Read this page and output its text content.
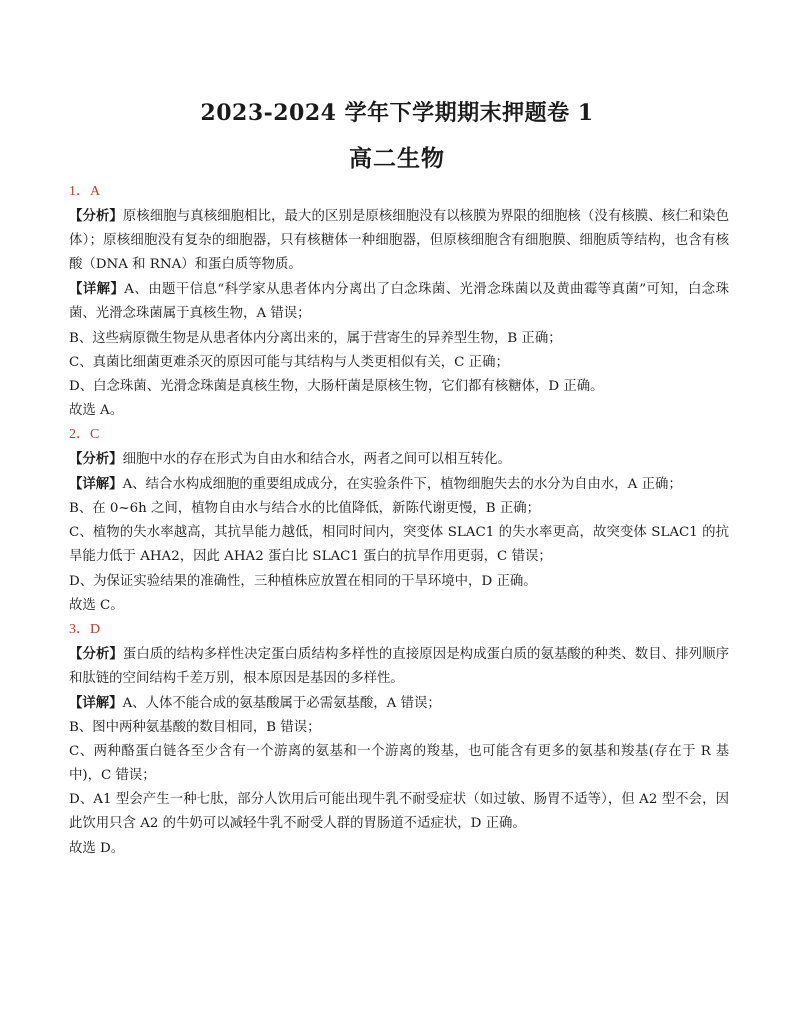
2023-2024 学年下学期期末押题卷 1
高二生物
1．A

【分析】原核细胞与真核细胞相比，最大的区别是原核细胞没有以核膜为界限的细胞核（没有核膜、核仁和染色体）；原核细胞没有复杂的细胞器，只有核糖体一种细胞器，但原核细胞含有细胞膜、细胞质等结构，也含有核酸（DNA 和 RNA）和蛋白质等物质。

【详解】A、由题干信息“科学家从患者体内分离出了白念珠菌、光滑念珠菌以及黄曲霉等真菌”可知，白念珠菌、光滑念珠菌属于真核生物，A 错误；

B、这些病原微生物是从患者体内分离出来的，属于营寄生的异养型生物，B 正确；

C、真菌比细菌更难杀灭的原因可能与其结构与人类更相似有关，C 正确；

D、白念珠菌、光滑念珠菌是真核生物，大肠杆菌是原核生物，它们都有核糖体，D 正确。

故选 A。

2．C

【分析】细胞中水的存在形式为自由水和结合水，两者之间可以相互转化。

【详解】A、结合水构成细胞的重要组成成分，在实验条件下，植物细胞失去的水分为自由水，A 正确；

B、在 0~6h 之间，植物自由水与结合水的比值降低，新陈代谢更慢，B 正确；

C、植物的失水率越高，其抗旱能力越低，相同时间内，突变体 SLAC1 的失水率更高，故突变体 SLAC1 的抗旱能力低于 AHA2，因此 AHA2 蛋白比 SLAC1 蛋白的抗旱作用更弱，C 错误；

D、为保证实验结果的准确性，三种植株应放置在相同的干旱环境中，D 正确。

故选 C。

3．D

【分析】蛋白质的结构多样性决定蛋白质结构多样性的直接原因是构成蛋白质的氨基酸的种类、数目、排列顺序和肽链的空间结构千差万别，根本原因是基因的多样性。

【详解】A、人体不能合成的氨基酸属于必需氨基酸，A 错误；

B、图中两种氨基酸的数目相同，B 错误；

C、两种酪蛋白链各至少含有一个游离的氨基和一个游离的羧基，也可能含有更多的氨基和羧基(存在于 R 基中)，C 错误；

D、A1 型会产生一种七肽，部分人饮用后可能出现牛乳不耐受症状（如过敏、肠胃不适等），但 A2 型不会，因此饮用只含 A2 的牛奶可以减轻牛乳不耐受人群的胃肠道不适症状，D 正确。

故选 D。
